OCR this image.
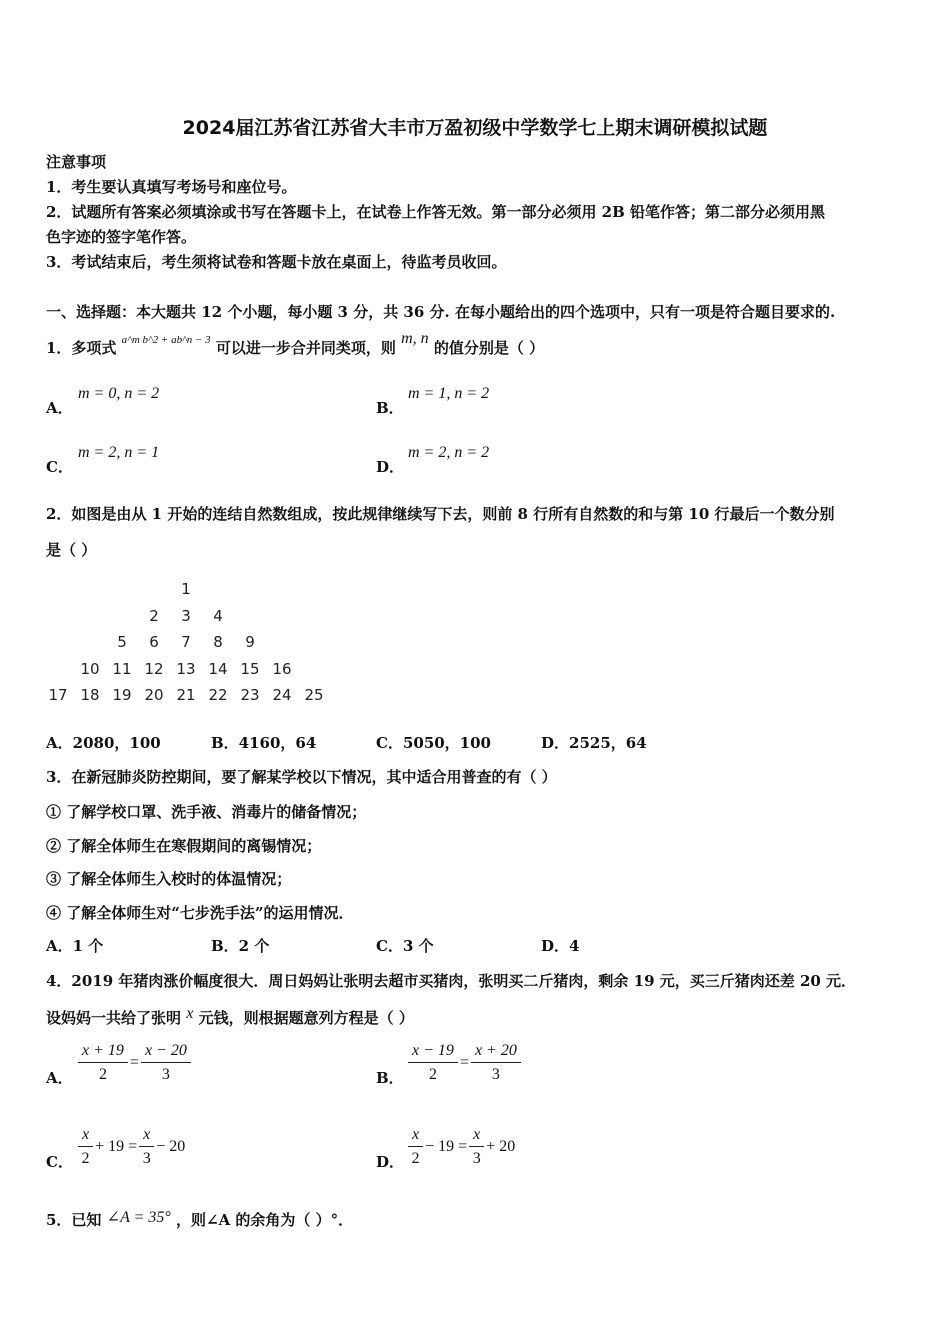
2024届江苏省江苏省大丰市万盈初级中学数学七上期末调研模拟试题
注意事项
1．考生要认真填写考场号和座位号。
2．试题所有答案必须填涂或书写在答题卡上，在试卷上作答无效。第一部分必须用 2B 铅笔作答；第二部分必须用黑
色字迹的签字笔作答。
3．考试结束后，考生须将试卷和答题卡放在桌面上，待监考员收回。
一、选择题：本大题共 12 个小题，每小题 3 分，共 36 分. 在每小题给出的四个选项中，只有一项是符合题目要求的.
1．多项式 $^{a\^{}m b\^{}2 + ab\^{}n - 3}$ 可以进一步合并同类项，则 m, n 的值分别是（ ）
A．
m = 0, n = 2
B．
m = 1, n = 2
C．
m = 2, n = 1
D．
m = 2, n = 2
2．如图是由从 1 开始的连结自然数组成，按此规律继续写下去，则前 8 行所有自然数的和与第 10 行最后一个数分别
是（ ）
1
2	3	4
5	6	7	8	9
10 11 12 13 14 15 16
17 18 19 20 21 22 23 24 25
A．2080，100	B．4160，64	C．5050，100	D．2525，64
3．在新冠肺炎防控期间，要了解某学校以下情况，其中适合用普查的有（ ）
① 了解学校口罩、洗手液、消毒片的储备情况；
② 了解全体师生在寒假期间的离锡情况；
③ 了解全体师生入校时的体温情况；
④ 了解全体师生对“七步洗手法”的运用情况．
A．1 个	B．2 个	C．3 个	D．4
4．2019 年猪肉涨价幅度很大．周日妈妈让张明去超市买猪肉，张明买二斤猪肉，剩余 19 元，买三斤猪肉还差 20 元．
设妈妈一共给了张明 x 元钱，则根据题意列方程是（ ）
A． $\frac{x + 19}{2} = \frac{x - 20}{3}$	B． $\frac{x - 19}{2} = \frac{x + 20}{3}$
C． $\frac{x}{2} + 19 = \frac{x}{3} - 20$
D． $\frac{x}{2} - 19 = \frac{x}{3} + 20$
5．已知 ∠A = 35° ，则∠A 的余角为（ ）°．
